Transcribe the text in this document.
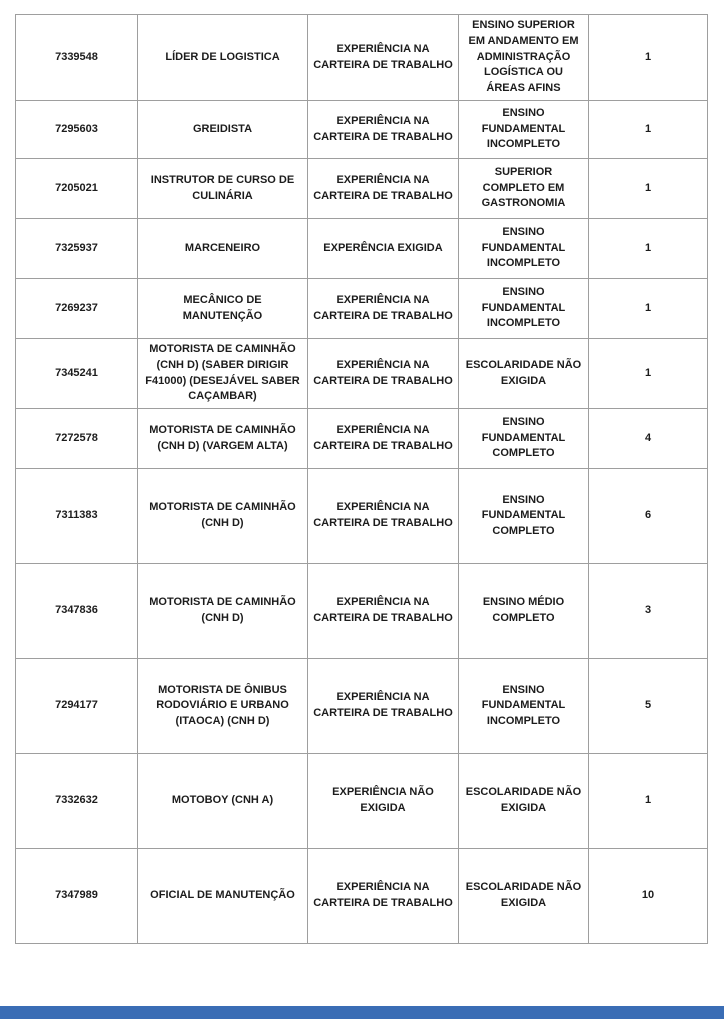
7339548	LÍDER DE LOGISTICA	EXPERIÊNCIA NA CARTEIRA DE TRABALHO	ENSINO SUPERIOR EM ANDAMENTO EM ADMINISTRAÇÃO LOGÍSTICA OU ÁREAS AFINS	1
7295603	GREIDISTA	EXPERIÊNCIA NA CARTEIRA DE TRABALHO	ENSINO FUNDAMENTAL INCOMPLETO	1
7205021	INSTRUTOR DE CURSO DE CULINÁRIA	EXPERIÊNCIA NA CARTEIRA DE TRABALHO	SUPERIOR COMPLETO EM GASTRONOMIA	1
7325937	MARCENEIRO	EXPERÊNCIA EXIGIDA	ENSINO FUNDAMENTAL INCOMPLETO	1
7269237	MECÂNICO DE MANUTENÇÃO	EXPERIÊNCIA NA CARTEIRA DE TRABALHO	ENSINO FUNDAMENTAL INCOMPLETO	1
7345241	MOTORISTA DE CAMINHÃO (CNH D) (SABER DIRIGIR F41000) (DESEJÁVEL SABER CAÇAMBAR)	EXPERIÊNCIA NA CARTEIRA DE TRABALHO	ESCOLARIDADE NÃO EXIGIDA	1
7272578	MOTORISTA DE CAMINHÃO (CNH D) (VARGEM ALTA)	EXPERIÊNCIA NA CARTEIRA DE TRABALHO	ENSINO FUNDAMENTAL COMPLETO	4
7311383	MOTORISTA DE CAMINHÃO (CNH D)	EXPERIÊNCIA NA CARTEIRA DE TRABALHO	ENSINO FUNDAMENTAL COMPLETO	6
7347836	MOTORISTA DE CAMINHÃO (CNH D)	EXPERIÊNCIA NA CARTEIRA DE TRABALHO	ENSINO MÉDIO COMPLETO	3
7294177	MOTORISTA DE ÔNIBUS RODOVIÁRIO E URBANO (ITAOCA) (CNH D)	EXPERIÊNCIA NA CARTEIRA DE TRABALHO	ENSINO FUNDAMENTAL INCOMPLETO	5
7332632	MOTOBOY (CNH A)	EXPERIÊNCIA NÃO EXIGIDA	ESCOLARIDADE NÃO EXIGIDA	1
7347989	OFICIAL DE MANUTENÇÃO	EXPERIÊNCIA NA CARTEIRA DE TRABALHO	ESCOLARIDADE NÃO EXIGIDA	10
